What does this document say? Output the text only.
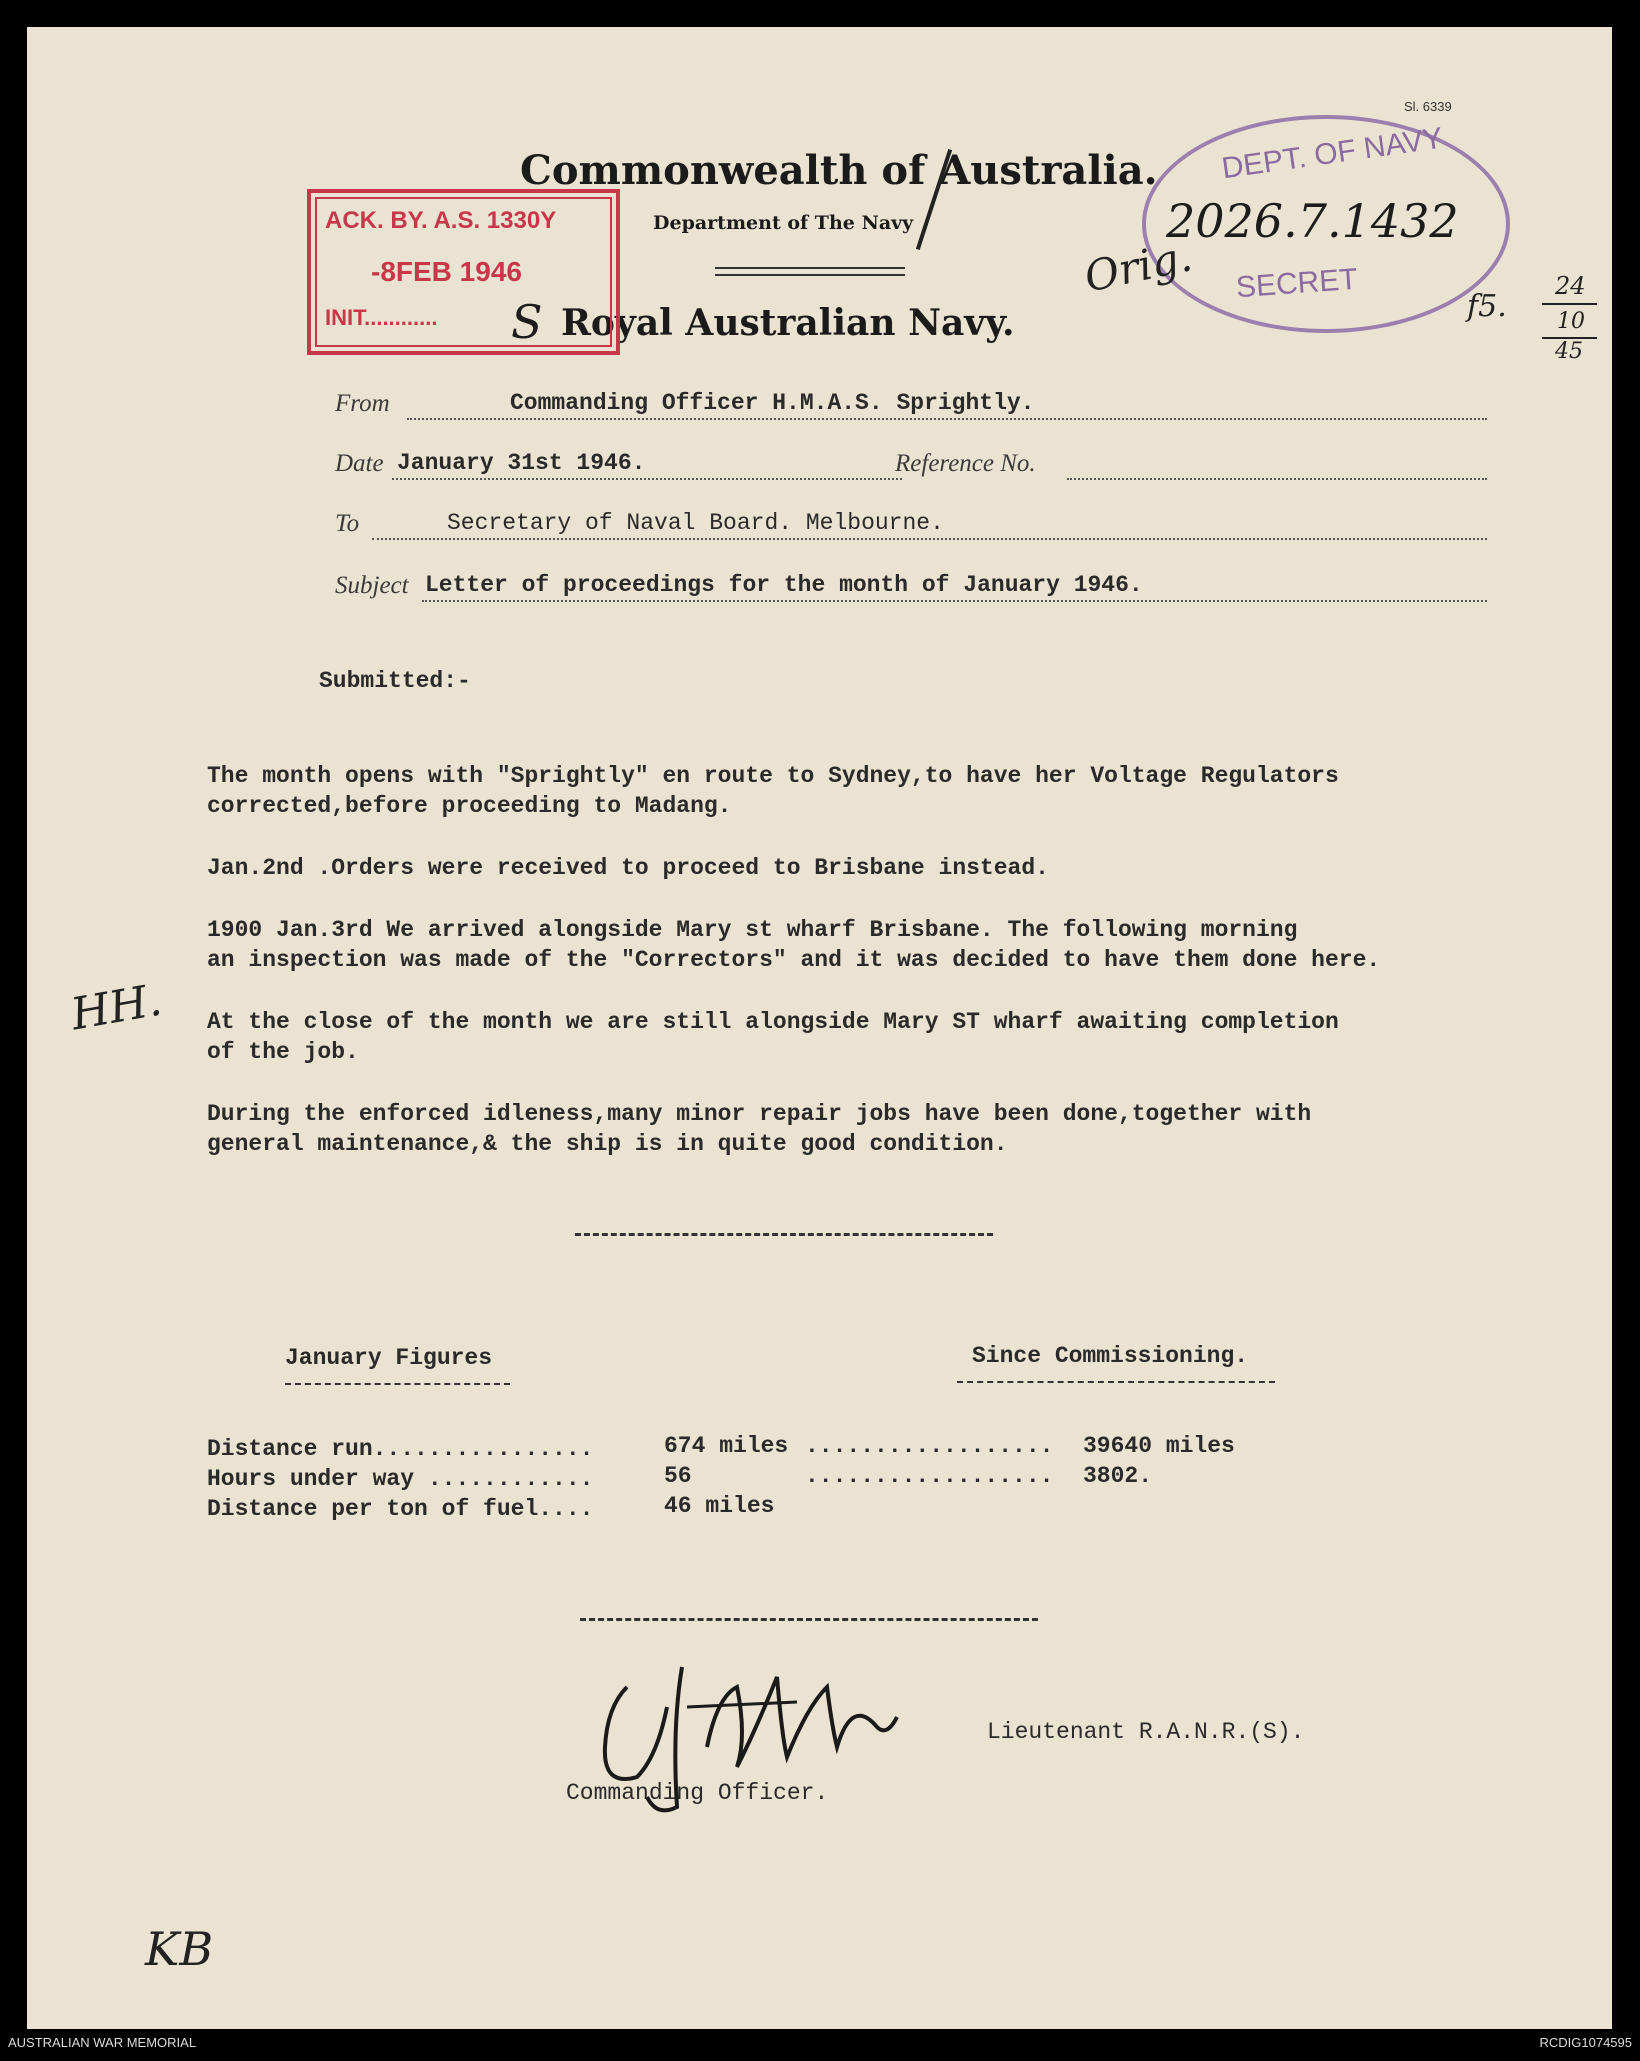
Sl. 6339
Commonwealth of Australia.
Department of The Navy
Royal Australian Navy.
ACK. BY. A.S. 1330Y
-8FEB 1946
INIT............ S
DEPT. OF NAVY
2026.7.1432
SECRET
Orig.
f5.
24
10
45
From	Commanding Officer H.M.A.S. Sprightly.
Date January 31st 1946.	Reference No.
To	Secretary of Naval Board. Melbourne.
Subject Letter of proceedings for the month of January 1946.
Submitted:-
The month opens with "Sprightly" en route to Sydney,to have her Voltage Regulators
corrected,before proceeding to Madang.
Jan.2nd .Orders were received to proceed to Brisbane instead.
1900 Jan.3rd We arrived alongside Mary st wharf Brisbane. The following morning
an inspection was made of the "Correctors" and it was decided to have them done here.
HH. At the close of the month we are still alongside Mary ST wharf awaiting completion
of the job.
During the enforced idleness,many minor repair jobs have been done,together with
general maintenance,& the ship is in quite good condition.
January Figures	Since Commissioning.
Distance run................	674 miles .................. 39640 miles
Hours under way ............	56	.................. 3802.
Distance per ton of fuel....	46 miles
Lieutenant R.A.N.R.(S).
Commanding Officer.
KB
AUSTRALIAN WAR MEMORIAL	RCDIG1074595
